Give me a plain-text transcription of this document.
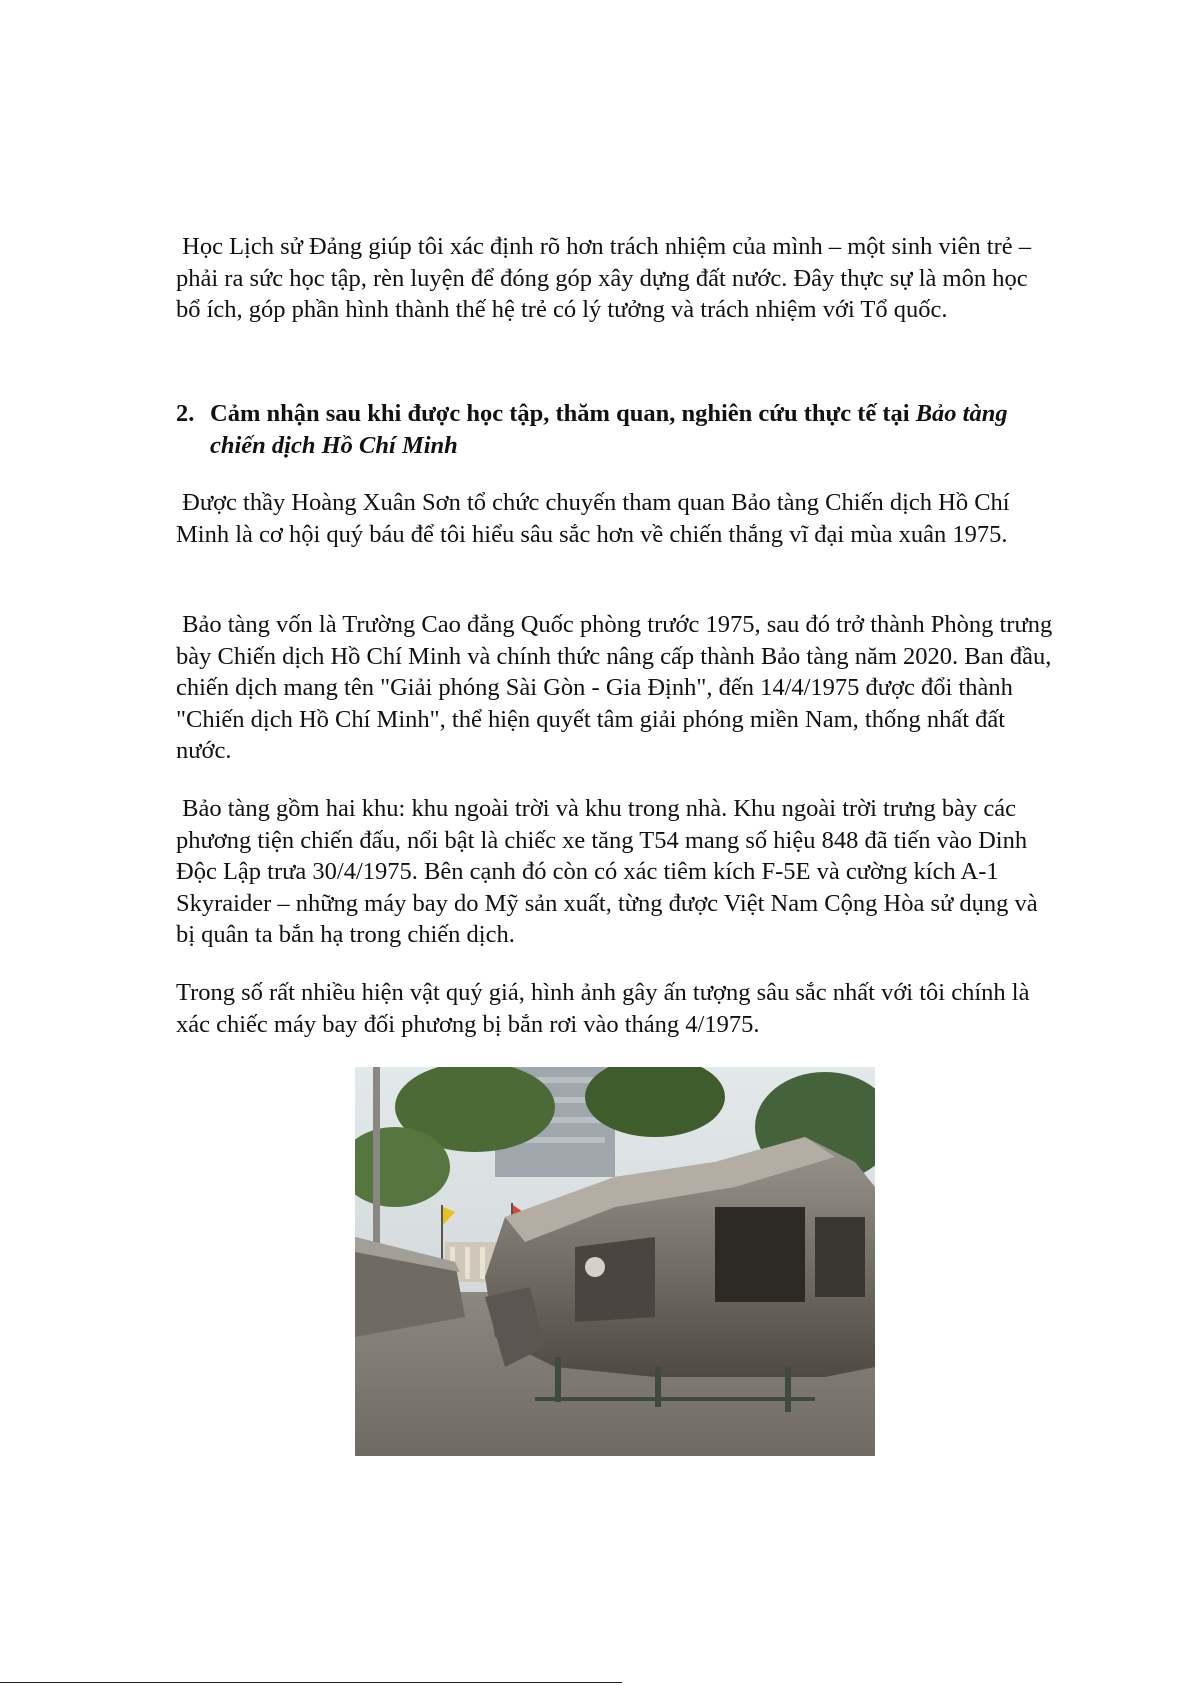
Học Lịch sử Đảng giúp tôi xác định rõ hơn trách nhiệm của mình – một sinh viên trẻ – phải ra sức học tập, rèn luyện để đóng góp xây dựng đất nước. Đây thực sự là môn học bổ ích, góp phần hình thành thế hệ trẻ có lý tưởng và trách nhiệm với Tổ quốc.

2. Cảm nhận sau khi được học tập, thăm quan, nghiên cứu thực tế tại Bảo tàng chiến dịch Hồ Chí Minh

Được thầy Hoàng Xuân Sơn tổ chức chuyến tham quan Bảo tàng Chiến dịch Hồ Chí Minh là cơ hội quý báu để tôi hiểu sâu sắc hơn về chiến thắng vĩ đại mùa xuân 1975.

Bảo tàng vốn là Trường Cao đẳng Quốc phòng trước 1975, sau đó trở thành Phòng trưng bày Chiến dịch Hồ Chí Minh và chính thức nâng cấp thành Bảo tàng năm 2020. Ban đầu, chiến dịch mang tên "Giải phóng Sài Gòn - Gia Định", đến 14/4/1975 được đổi thành "Chiến dịch Hồ Chí Minh", thể hiện quyết tâm giải phóng miền Nam, thống nhất đất nước.

Bảo tàng gồm hai khu: khu ngoài trời và khu trong nhà. Khu ngoài trời trưng bày các phương tiện chiến đấu, nổi bật là chiếc xe tăng T54 mang số hiệu 848 đã tiến vào Dinh Độc Lập trưa 30/4/1975. Bên cạnh đó còn có xác tiêm kích F-5E và cường kích A-1 Skyraider – những máy bay do Mỹ sản xuất, từng được Việt Nam Cộng Hòa sử dụng và bị quân ta bắn hạ trong chiến dịch.

Trong số rất nhiều hiện vật quý giá, hình ảnh gây ấn tượng sâu sắc nhất với tôi chính là xác chiếc máy bay đối phương bị bắn rơi vào tháng 4/1975.
